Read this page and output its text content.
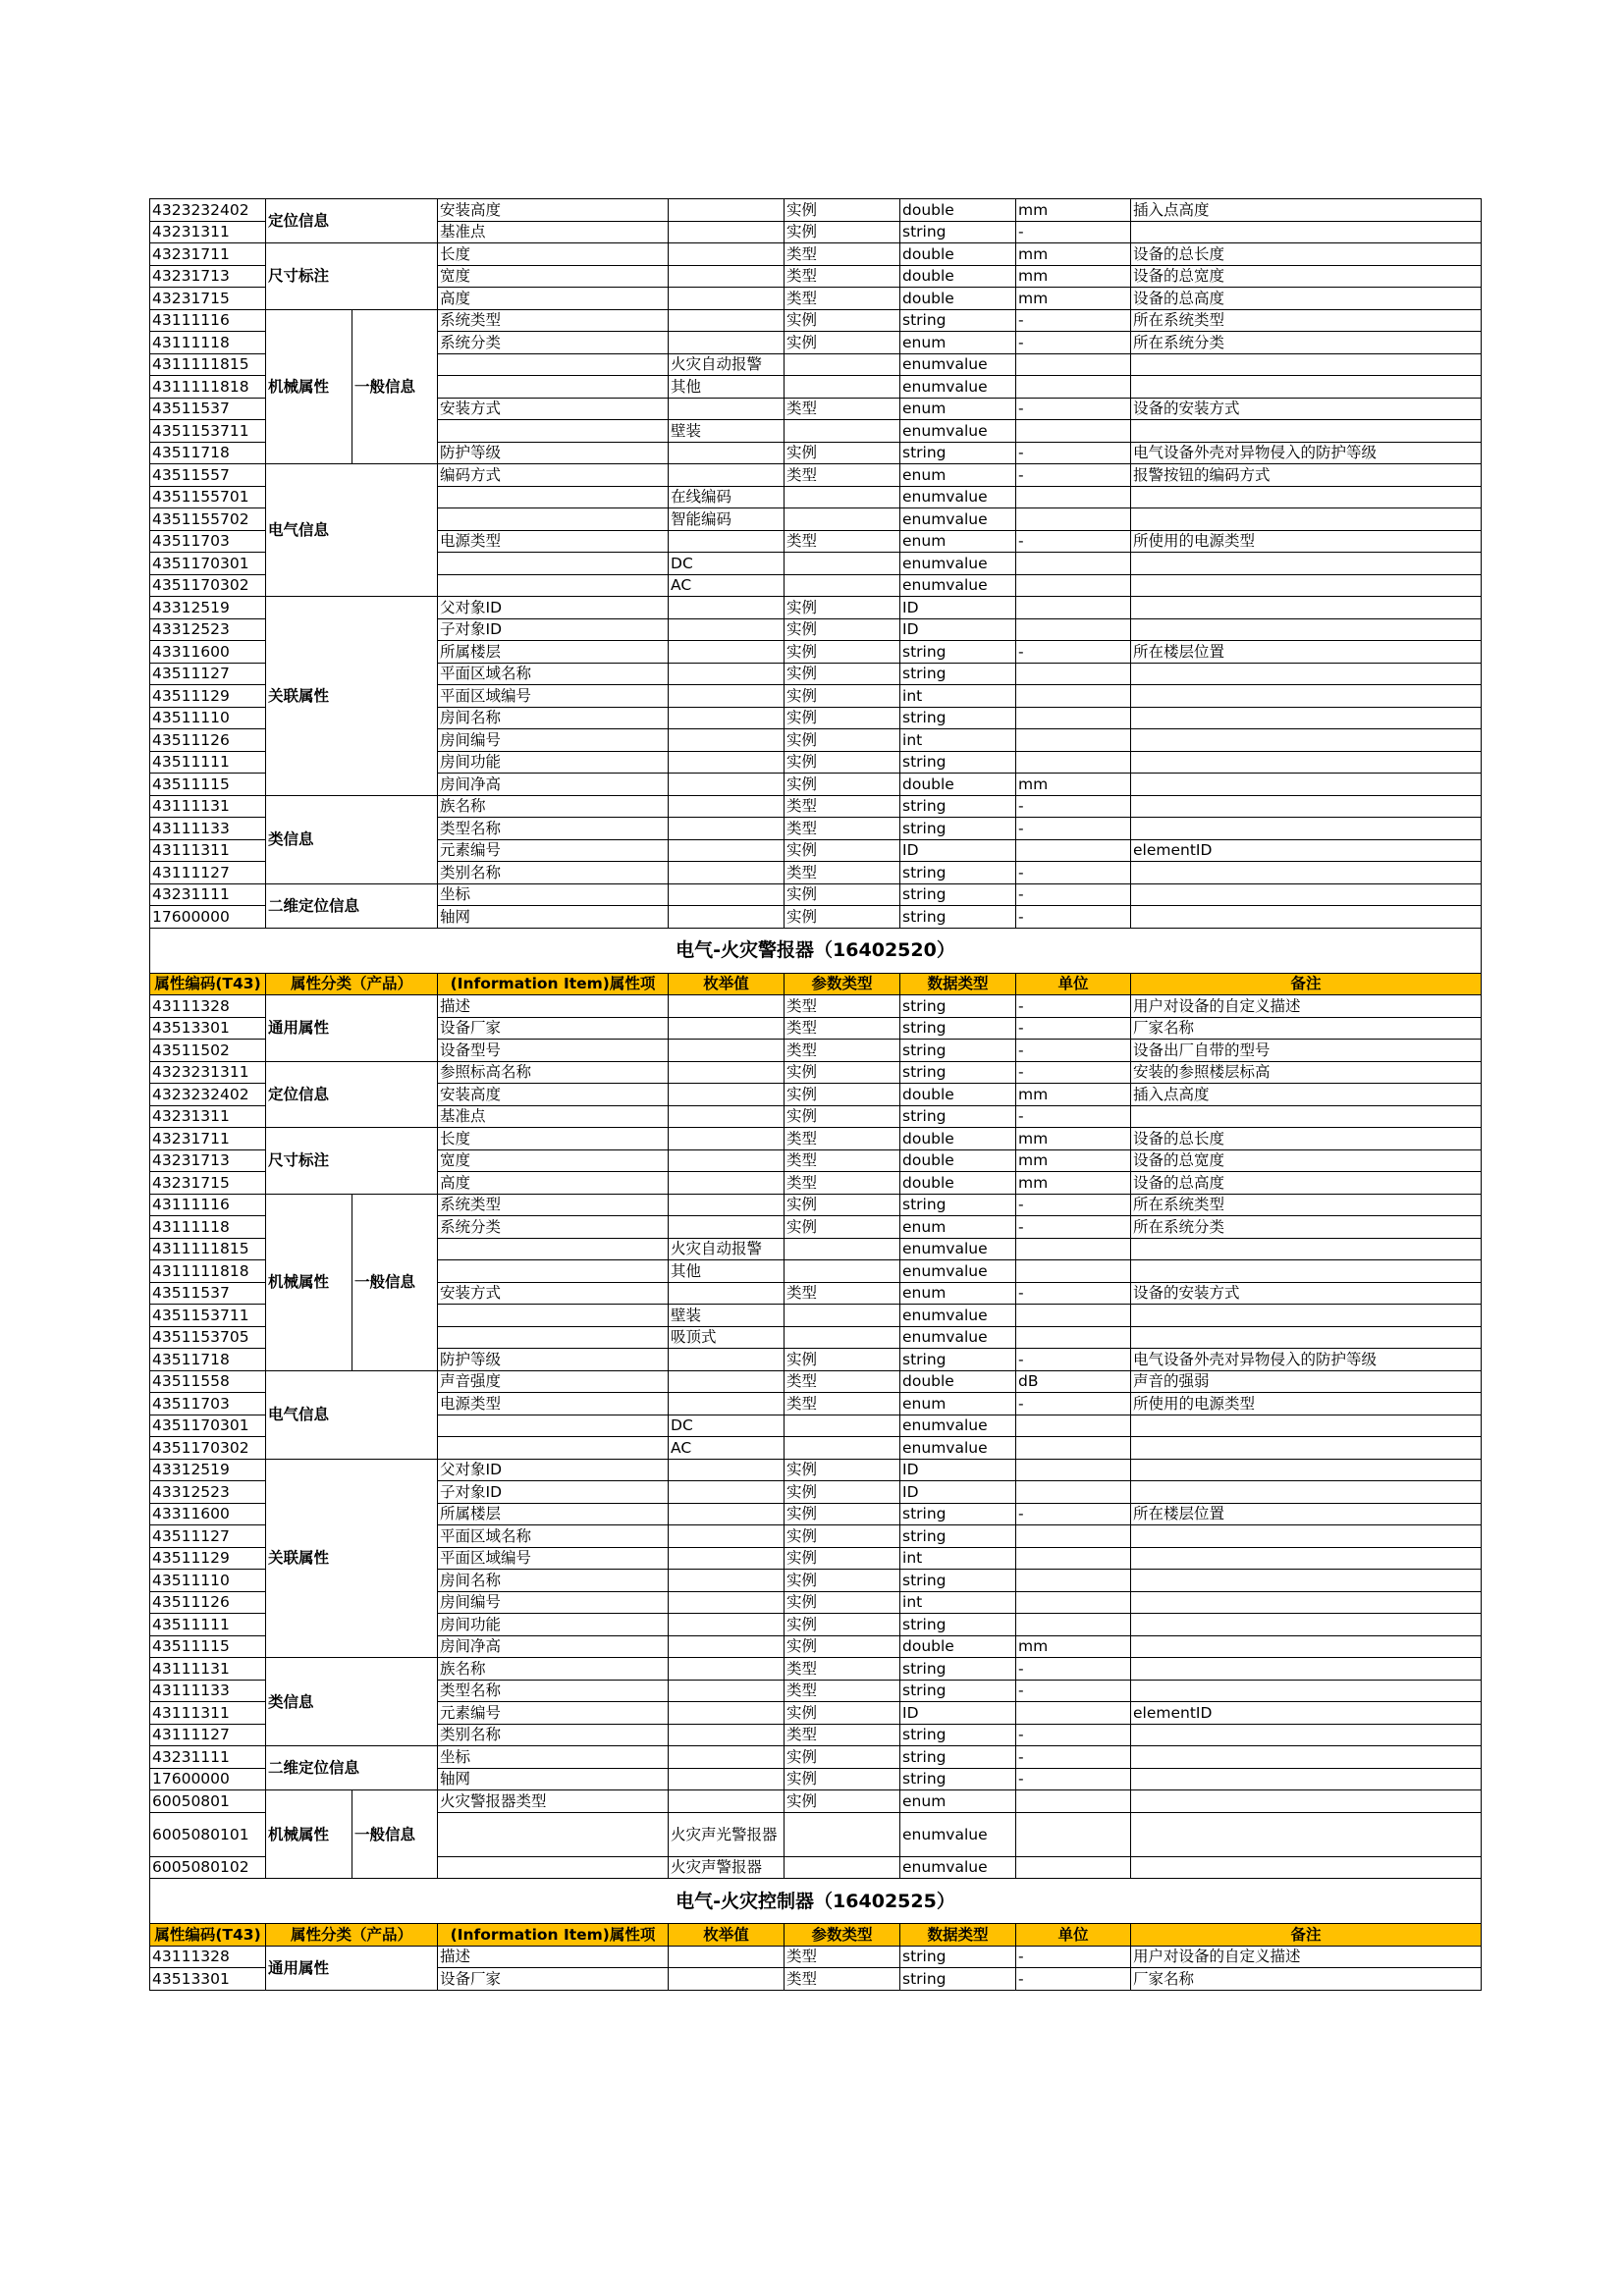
4323232402	定位信息		安装高度		实例	double	mm	插入点高度
43231311			基准点		实例	string	-	
43231711	尺寸标注		长度		类型	double	mm	设备的总长度
43231713			宽度		类型	double	mm	设备的总宽度
43231715			高度		类型	double	mm	设备的总高度
43111116	机械属性	一般信息	系统类型		实例	string	-	所在系统类型
43111118			系统分类		实例	enum	-	所在系统分类
4311111815				火灾自动报警		enumvalue		
4311111818				其他		enumvalue		
43511537			安装方式		类型	enum	-	设备的安装方式
4351153711				壁装		enumvalue		
43511718			防护等级		实例	string	-	电气设备外壳对异物侵入的防护等级
43511557	电气信息		编码方式		类型	enum	-	报警按钮的编码方式
4351155701				在线编码		enumvalue		
4351155702				智能编码		enumvalue		
43511703			电源类型		类型	enum	-	所使用的电源类型
4351170301				DC		enumvalue		
4351170302				AC		enumvalue		
43312519	关联属性		父对象ID		实例	ID		
43312523			子对象ID		实例	ID		
43311600			所属楼层		实例	string	-	所在楼层位置
43511127			平面区域名称		实例	string		
43511129			平面区域编号		实例	int		
43511110			房间名称		实例	string		
43511126			房间编号		实例	int		
43511111			房间功能		实例	string		
43511115			房间净高		实例	double	mm	
43111131	类信息		族名称		类型	string	-	
43111133			类型名称		类型	string	-	
43111311			元素编号		实例	ID		elementID
43111127			类别名称		类型	string	-	
43231111	二维定位信息		坐标		实例	string	-	
17600000			轴网		实例	string	-	
电气-火灾警报器（16402520）								
属性编码(T43)	属性分类（产品）		(Information Item)属性项	枚举值	参数类型	数据类型	单位	备注
43111328	通用属性		描述		类型	string	-	用户对设备的自定义描述
43513301			设备厂家		类型	string	-	厂家名称
43511502			设备型号		类型	string	-	设备出厂自带的型号
4323231311	定位信息		参照标高名称		实例	string	-	安装的参照楼层标高
4323232402			安装高度		实例	double	mm	插入点高度
43231311			基准点		实例	string	-	
43231711	尺寸标注		长度		类型	double	mm	设备的总长度
43231713			宽度		类型	double	mm	设备的总宽度
43231715			高度		类型	double	mm	设备的总高度
43111116	机械属性	一般信息	系统类型		实例	string	-	所在系统类型
43111118			系统分类		实例	enum	-	所在系统分类
4311111815				火灾自动报警		enumvalue		
4311111818				其他		enumvalue		
43511537			安装方式		类型	enum	-	设备的安装方式
4351153711				壁装		enumvalue		
4351153705				吸顶式		enumvalue		
43511718			防护等级		实例	string	-	电气设备外壳对异物侵入的防护等级
43511558	电气信息		声音强度		类型	double	dB	声音的强弱
43511703			电源类型		类型	enum	-	所使用的电源类型
4351170301				DC		enumvalue		
4351170302				AC		enumvalue		
43312519	关联属性		父对象ID		实例	ID		
43312523			子对象ID		实例	ID		
43311600			所属楼层		实例	string	-	所在楼层位置
43511127			平面区域名称		实例	string		
43511129			平面区域编号		实例	int		
43511110			房间名称		实例	string		
43511126			房间编号		实例	int		
43511111			房间功能		实例	string		
43511115			房间净高		实例	double	mm	
43111131	类信息		族名称		类型	string	-	
43111133			类型名称		类型	string	-	
43111311			元素编号		实例	ID		elementID
43111127			类别名称		类型	string	-	
43231111	二维定位信息		坐标		实例	string	-	
17600000			轴网		实例	string	-	
60050801	机械属性	一般信息	火灾警报器类型		实例	enum		
6005080101				火灾声光警报器		enumvalue		
6005080102				火灾声警报器		enumvalue		
电气-火灾控制器（16402525）								
属性编码(T43)	属性分类（产品）		(Information Item)属性项	枚举值	参数类型	数据类型	单位	备注
43111328	通用属性		描述		类型	string	-	用户对设备的自定义描述
43513301			设备厂家		类型	string	-	厂家名称
